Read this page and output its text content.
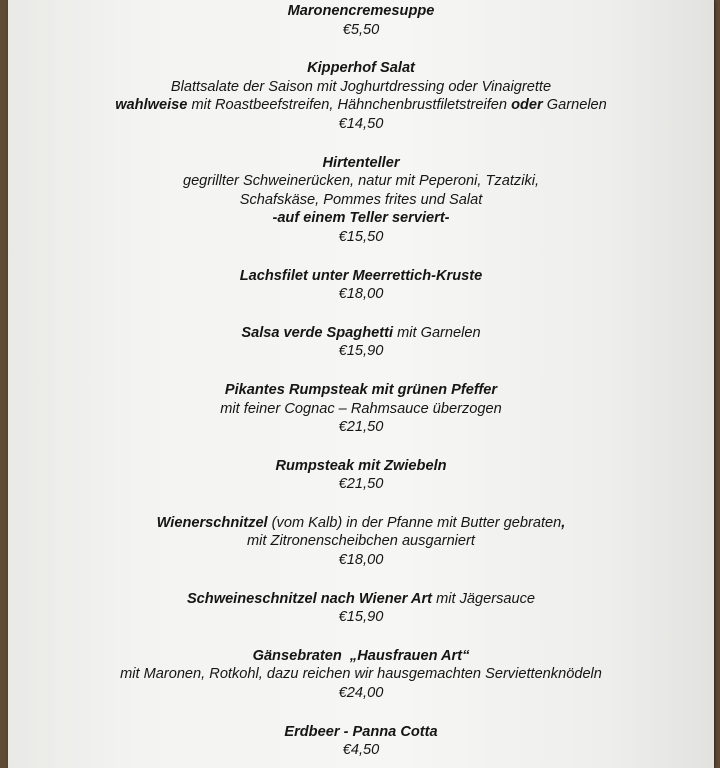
Maronencremesuppe
€5,50
Kipperhof Salat
Blattsalate der Saison mit Joghurtdressing oder Vinaigrette
wahlweise mit Roastbeefstreifen, Hähnchenbrustfiletstreifen oder Garnelen
€14,50
Hirtenteller
gegrillter Schweinerücken, natur mit Peperoni, Tzatziki,
Schafskäse, Pommes frites und Salat
-auf einem Teller serviert-
€15,50
Lachsfilet unter Meerrettich-Kruste
€18,00
Salsa verde Spaghetti mit Garnelen
€15,90
Pikantes Rumpsteak mit grünen Pfeffer
mit feiner Cognac – Rahmsauce überzogen
€21,50
Rumpsteak mit Zwiebeln
€21,50
Wienerschnitzel (vom Kalb) in der Pfanne mit Butter gebraten,
mit Zitronenscheibchen ausgarniert
€18,00
Schweineschnitzel nach Wiener Art mit Jägersauce
€15,90
Gänsebraten  „Hausfrauen Art“
mit Maronen, Rotkohl, dazu reichen wir hausgemachten Serviettenknödeln
€24,00
Erdbeer - Panna Cotta
€4,50
